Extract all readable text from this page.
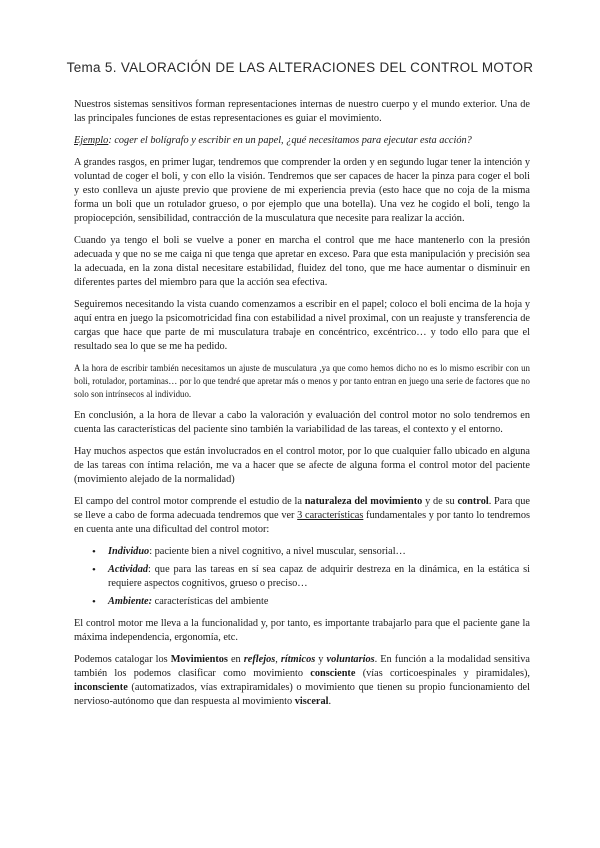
Tema 5. VALORACIÓN DE LAS ALTERACIONES DEL CONTROL MOTOR

Nuestros sistemas sensitivos forman representaciones internas de nuestro cuerpo y el mundo exterior. Una de las principales funciones de estas representaciones es guiar el movimiento.

Ejemplo: coger el bolígrafo y escribir en un papel, ¿qué necesitamos para ejecutar esta acción?

A grandes rasgos, en primer lugar, tendremos que comprender la orden y en segundo lugar tener la intención y voluntad de coger el boli, y con ello la visión. Tendremos que ser capaces de hacer la pinza para coger el boli y esto conlleva un ajuste previo que proviene de mi experiencia previa (esto hace que no coja de la misma forma un boli que un rotulador grueso, o por ejemplo que una botella). Una vez he cogido el boli, tengo la propiocepción, sensibilidad, contracción de la musculatura que necesite para realizar la acción.

Cuando ya tengo el boli se vuelve a poner en marcha el control que me hace mantenerlo con la presión adecuada y que no se me caiga ni que tenga que apretar en exceso. Para que esta manipulación y precisión sea la adecuada, en la zona distal necesitare estabilidad, fluidez del tono, que me hace aumentar o disminuir en diferentes partes del miembro para que la acción sea efectiva.

Seguiremos necesitando la vista cuando comenzamos a escribir en el papel; coloco el boli encima de la hoja y aquí entra en juego la psicomotricidad fina con estabilidad a nivel proximal, con un reajuste y transferencia de cargas que hace que parte de mi musculatura trabaje en concéntrico, excéntrico… y todo ello para que el resultado sea lo que se me ha pedido.

A la hora de escribir también necesitamos un ajuste de musculatura ,ya que como hemos dicho no es lo mismo escribir con un boli, rotulador, portaminas… por lo que tendré que apretar más o menos y por tanto entran en juego una serie de factores que no solo son intrínsecos al individuo.

En conclusión, a la hora de llevar a cabo la valoración y evaluación del control motor no solo tendremos en cuenta las características del paciente sino también la variabilidad de las tareas, el contexto y el entorno.

Hay muchos aspectos que están involucrados en el control motor, por lo que cualquier fallo ubicado en alguna de las tareas con íntima relación, me va a hacer que se afecte de alguna forma el control motor del paciente (movimiento alejado de la normalidad)

El campo del control motor comprende el estudio de la naturaleza del movimiento y de su control. Para que se lleve a cabo de forma adecuada tendremos que ver 3 características fundamentales y por tanto lo tendremos en cuenta ante una dificultad del control motor:

• Individuo: paciente bien a nivel cognitivo, a nivel muscular, sensorial…
• Actividad: que para las tareas en sí sea capaz de adquirir destreza en la dinámica, en la estática si requiere aspectos cognitivos, grueso o preciso…
• Ambiente: características del ambiente

El control motor me lleva a la funcionalidad y, por tanto, es importante trabajarlo para que el paciente gane la máxima independencia, ergonomía, etc.

Podemos catalogar los Movimientos en reflejos, rítmicos y voluntarios. En función a la modalidad sensitiva también los podemos clasificar como movimiento consciente (vías corticoespinales y piramidales), inconsciente (automatizados, vías extrapiramidales) o movimiento que tienen su propio funcionamiento del nervioso-autónomo que dan respuesta al movimiento visceral.
